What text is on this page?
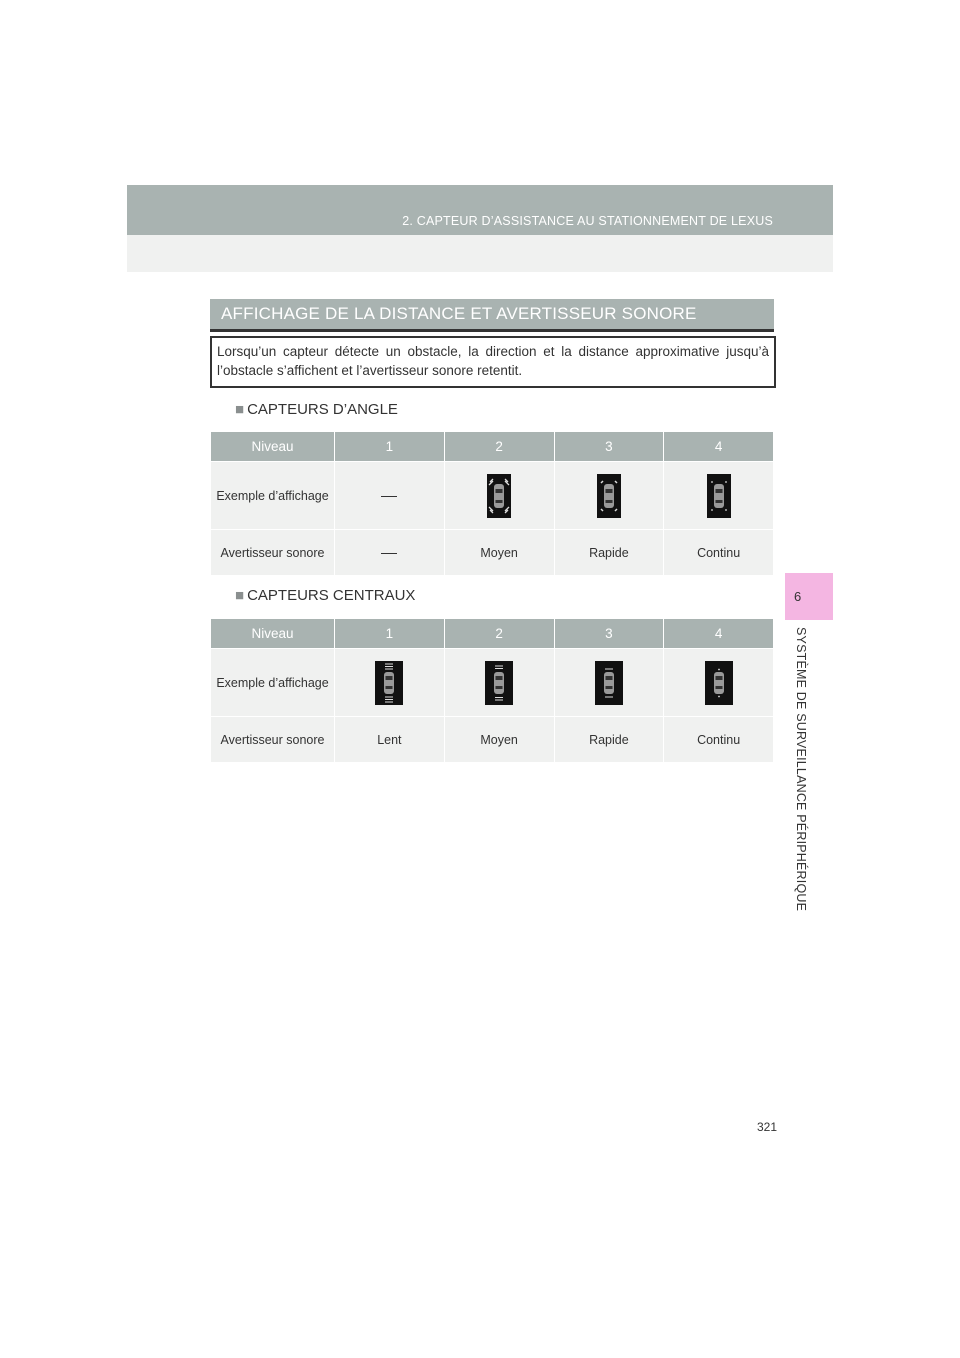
2. CAPTEUR D’ASSISTANCE AU STATIONNEMENT DE LEXUS
6
SYSTÈME DE SURVEILLANCE PÉRIPHÉRIQUE
AFFICHAGE DE LA DISTANCE ET AVERTISSEUR SONORE
Lorsqu’un capteur détecte un obstacle, la direction et la distance approximative jusqu’à l’obstacle s’affichent et l’avertisseur sonore retentit.
■ CAPTEURS D’ANGLE
Niveau	1	2	3	4
Exemple d’affichage				
Avertisseur sonore		Moyen	Rapide	Continu
■ CAPTEURS CENTRAUX
Niveau	1	2	3	4
Exemple d’affichage				
Avertisseur sonore	Lent	Moyen	Rapide	Continu
321
